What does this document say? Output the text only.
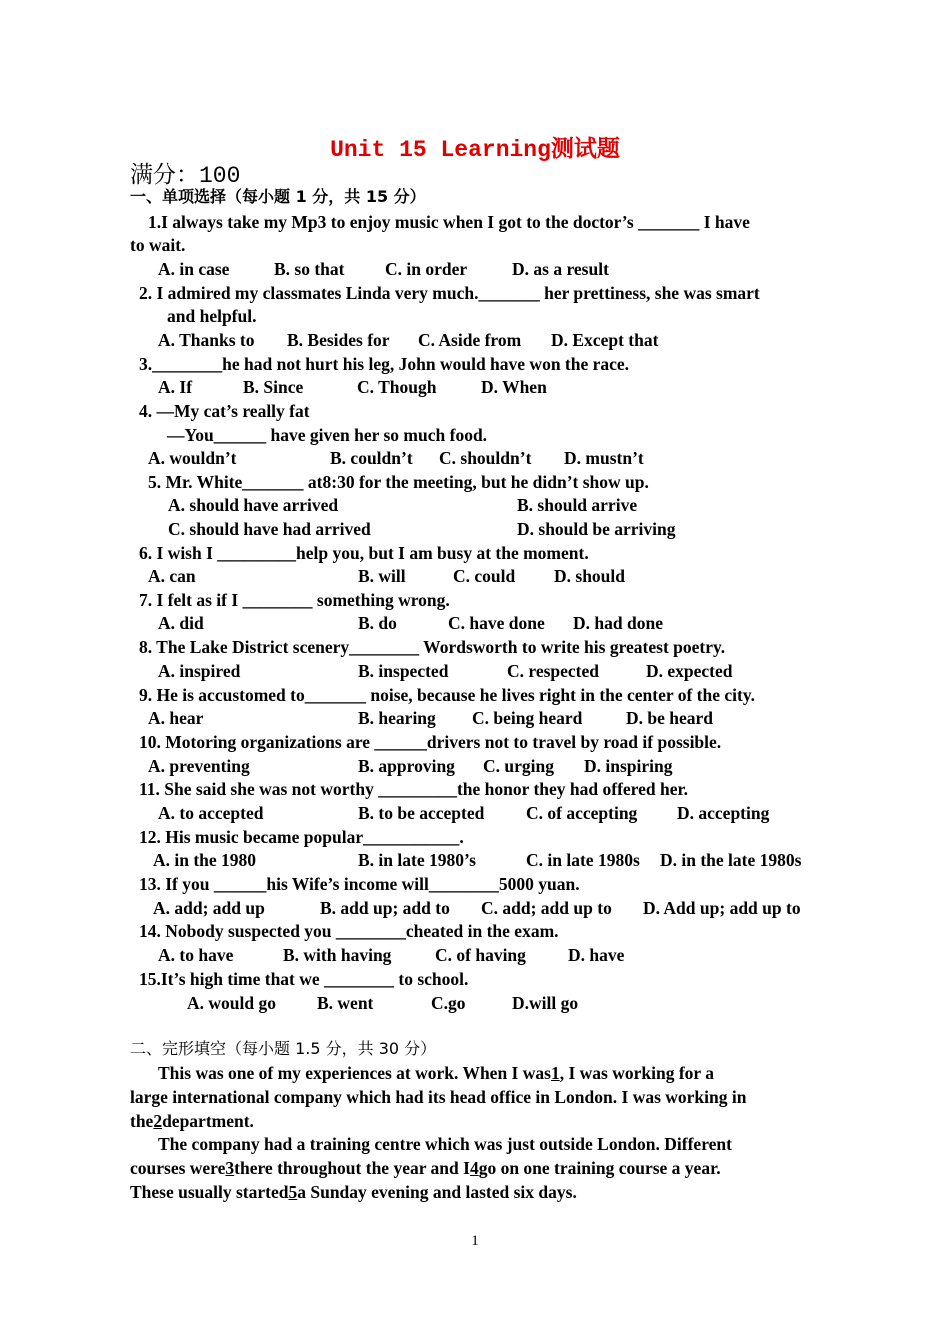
Unit 15 Learning测试题
满分：100
一、单项选择（每小题 1 分，共 15 分）
1.I always take my Mp3 to enjoy music when I got to the doctor’s _______ I have
to wait.
A. in case	B. so that C. in order	D. as a result
2. I admired my classmates Linda very much._______ her prettiness, she was smart
and helpful.
A. Thanks to B. Besides for C. Aside from D. Except that
3.________he had not hurt his leg, John would have won the race.
A. If	B. Since	C. Though	D. When
4. —My cat’s really fat
—You______ have given her so much food.
A. wouldn’t	B. couldn’t C. shouldn’t D. mustn’t
5. Mr. White_______ at8:30 for the meeting, but he didn’t show up.
A. should have arrived	B. should arrive
C. should have had arrived	D. should be arriving
6. I wish I _________help you, but I am busy at the moment.
A. can	B. will	C. could D. should
7. I felt as if I ________ something wrong.
A. did	B. do	C. have done D. had done
8. The Lake District scenery________ Wordsworth to write his greatest poetry.
A. inspired	B. inspected	C. respected	D. expected
9. He is accustomed to_______ noise, because he lives right in the center of the city.
A. hear	B. hearing C. being heard D. be heard
10. Motoring organizations are ______drivers not to travel by road if possible.
A. preventing	B. approving C. urging D. inspiring
11. She said she was not worthy _________the honor they had offered her.
A. to accepted	B. to be accepted C. of accepting D. accepting
12. His music became popular___________.
A. in the 1980	B. in late 1980’s	C. in late 1980s D. in the late 1980s
13. If you ______his Wife’s income will________5000 yuan.
A. add; add up	B. add up; add to C. add; add up to D. Add up; add up to
14. Nobody suspected you ________cheated in the exam.
A. to have	B. with having C. of having D. have
15.It’s high time that we ________ to school.
A. would go B. went	C.go	D.will go
二、完形填空（每小题 1.5 分，共 30 分）
This was one of my experiences at work. When I was1, I was working for a
large international company which had its head office in London. I was working in
the2department.
The company had a training centre which was just outside London. Different
courses were3there throughout the year and I4go on one training course a year.
These usually started5a Sunday evening and lasted six days.
1
